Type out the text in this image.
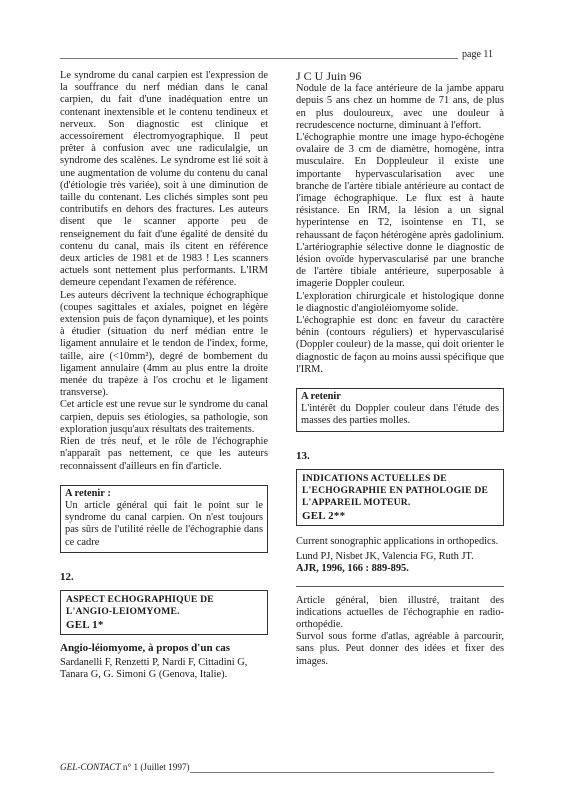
page 11

Le syndrome du canal carpien est l'expression de la souffrance du nerf médian dans le canal carpien, du fait d'une inadéquation entre un contenant inextensible et le contenu tendineux et nerveux. Son diagnostic est clinique et accessoirement électromyographique. Il peut prêter à confusion avec une radiculalgie, un syndrome des scalènes. Le syndrome est lié soit à une augmentation de volume du contenu du canal (d'étiologie très variée), soit à une diminution de taille du contenant. Les clichés simples sont peu contributifs en dehors des fractures. Les auteurs disent que le scanner apporte peu de renseignement du fait d'une égalité de densité du contenu du canal, mais ils citent en référence deux articles de 1981 et de 1983 ! Les scanners actuels sont nettement plus performants. L'IRM demeure cependant l'examen de référence.

Les auteurs décrivent la technique échographique (coupes sagittales et axiales, poignet en légère extension puis de façon dynamique), et les points à étudier (situation du nerf médian entre le ligament annulaire et le tendon de l'index, forme, taille, aire (<10mm²), degré de bombement du ligament annulaire (4mm au plus entre la droite menée du trapèze à l'os crochu et le ligament transverse).

Cet article est une revue sur le syndrome du canal carpien, depuis ses étiologies, sa pathologie, son exploration jusqu'aux résultats des traitements.

Rien de très neuf, et le rôle de l'échographie n'apparaît pas nettement, ce que les auteurs reconnaissent d'ailleurs en fin d'article.

A retenir :

Un article général qui fait le point sur le syndrome du canal carpien. On n'est toujours pas sûrs de l'utilité réelle de l'échographie dans ce cadre

12.
ASPECT ECHOGRAPHIQUE DE L'ANGIO-LEIOMYOME.
GEL 1*
Angio-léiomyome, à propos d'un cas

Sardanelli F, Renzetti P, Nardi F, Cittadini G, Tanara G, G. Simoni G (Genova, Italie).

J C U Juin 96

Nodule de la face antérieure de la jambe apparu depuis 5 ans chez un homme de 71 ans, de plus en plus douloureux, avec une douleur à recrudescence nocturne, diminuant à l'effort.

L'échographie montre une image hypo-échogène ovalaire de 3 cm de diamètre, homogène, intra musculaire. En Doppleuleur il existe une importante hypervascularisation avec une branche de l'artère tibiale antérieure au contact de l'image échographique. Le flux est à haute résistance. En IRM, la lésion a un signal hyperintense en T2, isointense en T1, se rehaussant de façon hétérogène après gadolinium. L'artériographie sélective donne le diagnostic de lésion ovoïde hypervascularisé par une branche de l'artère tibiale antérieure, superposable à imagerie Doppler couleur.

L'exploration chirurgicale et histologique donne le diagnostic d'angioléiomyome solide.

L'échographie est donc en faveur du caractère bénin (contours réguliers) et hypervascularisé (Doppler couleur) de la masse, qui doit orienter le diagnostic de façon au moins aussi spécifique que l'IRM.

A retenir

L'intérêt du Doppler couleur dans l'étude des masses des parties molles.

13.
INDICATIONS ACTUELLES DE L'ECHOGRAPHIE EN PATHOLOGIE DE L'APPAREIL MOTEUR.
GEL 2**

Current sonographic applications in orthopedics.

Lund PJ, Nisbet JK, Valencia FG, Ruth JT.

AJR, 1996, 166 : 889-895.

Article général, bien illustré, traitant des indications actuelles de l'échographie en radio-orthopédie.

Survol sous forme d'atlas, agréable à parcourir, sans plus. Peut donner des idées et fixer des images.

GEL-CONTACT n° 1 (Juillet 1997)
